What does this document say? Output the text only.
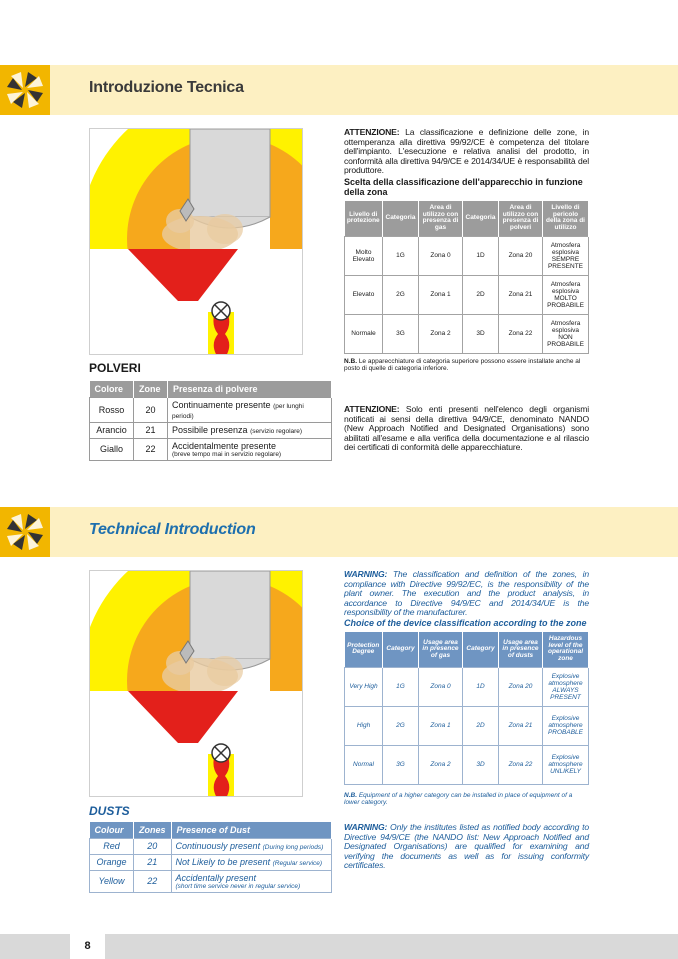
Introduzione Tecnica
POLVERI
Colore	Zone	Presenza di polvere
Rosso	20	Continuamente presente (per lunghi periodi)
Arancio	21	Possibile presenza (servizio regolare)
Giallo	22	Accidentalmente presente
(breve tempo mai in servizio regolare)
ATTENZIONE: La classificazione e definizione delle zone, in ottemperanza alla direttiva 99/92/CE è competenza del titolare dell'impianto. L'esecuzione e relativa analisi del prodotto, in conformità alla direttiva 94/9/CE e 2014/34/UE è responsabilità del produttore.
Scelta della classificazione dell'apparecchio in funzione della zona
Livello di protezione	Categoria	Area di utilizzo con presenza di gas	Categoria	Area di utilizzo con presenza di polveri	Livello di pericolo della zona di utilizzo
Molto Elevato	1G	Zona 0	1D	Zona 20	Atmosfera esplosiva SEMPRE PRESENTE
Elevato	2G	Zona 1	2D	Zona 21	Atmosfera esplosiva MOLTO PROBABILE
Normale	3G	Zona 2	3D	Zona 22	Atmosfera esplosiva NON PROBABILE
N.B. Le apparecchiature di categoria superiore possono essere installate anche al posto di quelle di categoria inferiore.
ATTENZIONE: Solo enti presenti nell'elenco degli organismi notificati ai sensi della direttiva 94/9/CE, denominato NANDO (New Approach Notified and Designated Organisations) sono abilitati all'esame e alla verifica della documentazione e al rilascio dei certificati di conformità delle apparecchiature.
Technical Introduction
DUSTS
Colour	Zones	Presence of Dust
Red	20	Continuously present (During long periods)
Orange	21	Not Likely to be present (Regular service)
Yellow	22	Accidentally present
(short time service never in regular service)
WARNING: The classification and definition of the zones, in compliance with Directive 99/92/EC, is the responsibility of the plant owner. The execution and the product analysis, in accordance to Directive 94/9/EC and 2014/34/UE is the responsibility of the manufacturer.
Choice of the device classification according to the zone
Protection Degree	Category	Usage area in presence of gas	Category	Usage area in presence of dusts	Hazardous level of the operational zone
Very High	1G	Zona 0	1D	Zona 20	Explosive atmosphere ALWAYS PRESENT
High	2G	Zona 1	2D	Zona 21	Explosive atmosphere PROBABLE
Normal	3G	Zona 2	3D	Zona 22	Explosive atmosphere UNLIKELY
N.B. Equipment of a higher category can be installed in place of equipment of a lower category.
WARNING: Only the institutes listed as notified body according to Directive 94/9/CE (the NANDO list: New Approach Notified and Designated Organisations) are qualified for examining and verifying the documents as well as for issuing conformity certificates.
8
